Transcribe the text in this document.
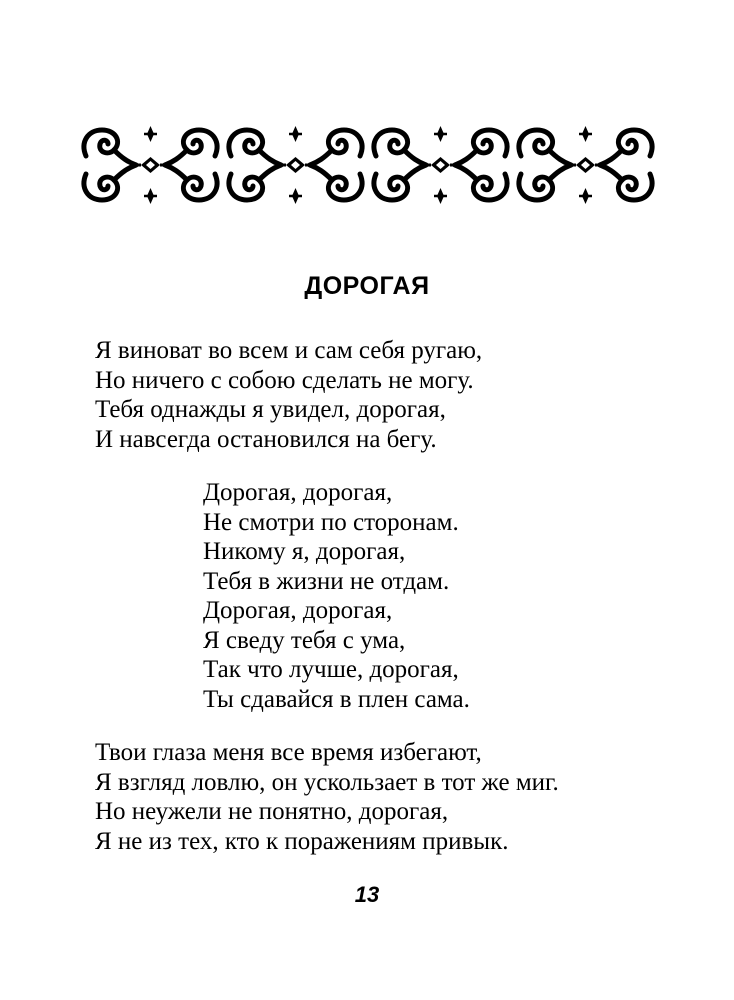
ДОРОГАЯ
Я виноват во всем и сам себя ругаю,
Но ничего с собою сделать не могу.
Тебя однажды я увидел, дорогая,
И навсегда остановился на бегу.
Дорогая, дорогая,
Не смотри по сторонам.
Никому я, дорогая,
Тебя в жизни не отдам.
Дорогая, дорогая,
Я сведу тебя с ума,
Так что лучше, дорогая,
Ты сдавайся в плен сама.
Твои глаза меня все время избегают,
Я взгляд ловлю, он ускользает в тот же миг.
Но неужели не понятно, дорогая,
Я не из тех, кто к поражениям привык.
13
